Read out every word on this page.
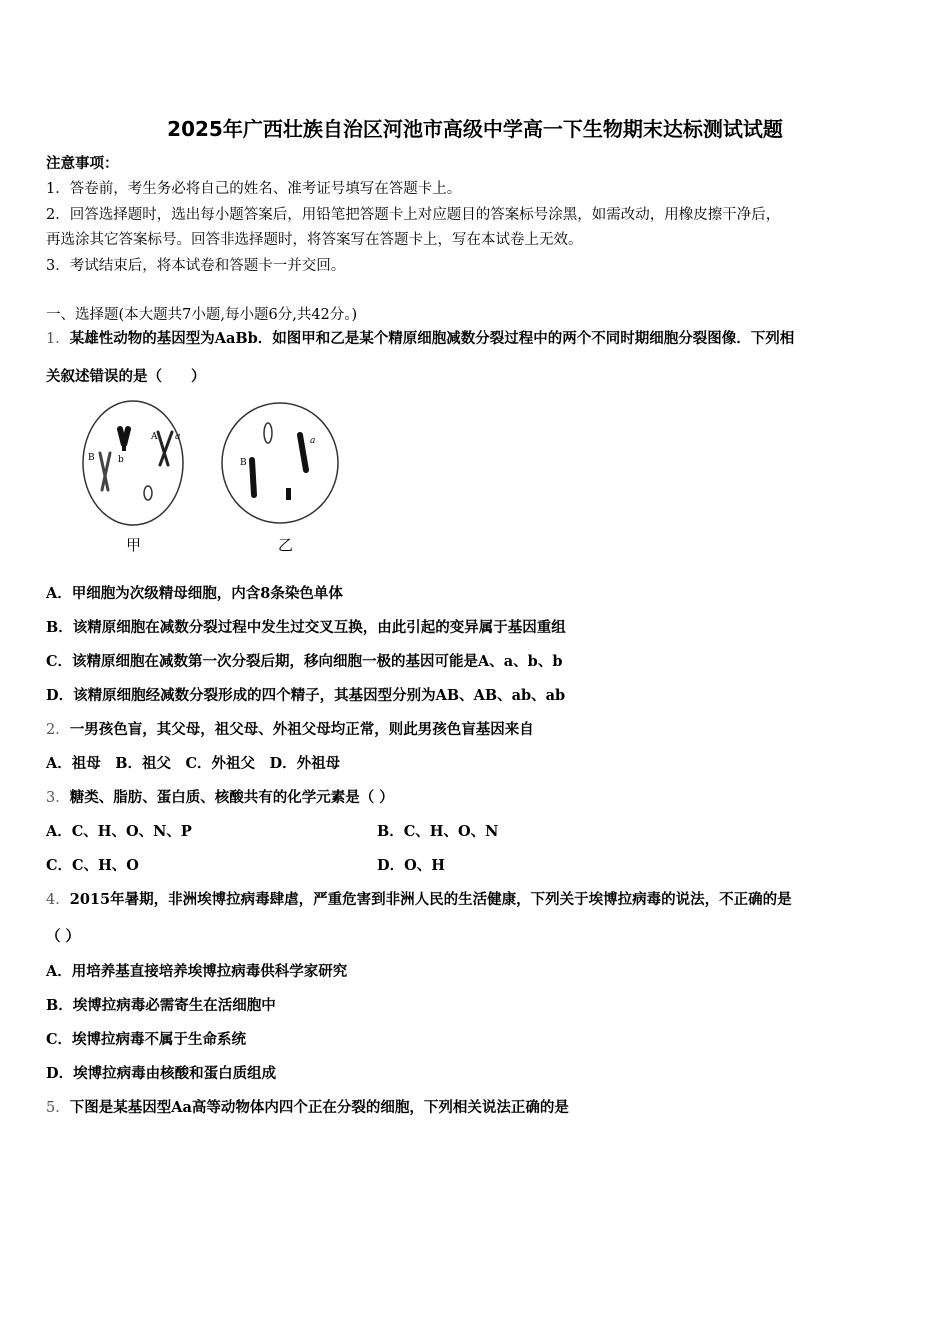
2025年广西壮族自治区河池市高级中学高一下生物期末达标测试试题
注意事项：
1．答卷前，考生务必将自己的姓名、准考证号填写在答题卡上。
2．回答选择题时，选出每小题答案后，用铅笔把答题卡上对应题目的答案标号涂黑，如需改动，用橡皮擦干净后，
再选涂其它答案标号。回答非选择题时，将答案写在答题卡上，写在本试卷上无效。
3．考试结束后，将本试卷和答题卡一并交回。
一、选择题(本大题共7小题,每小题6分,共42分。)
1．某雄性动物的基因型为AaBb．如图甲和乙是某个精原细胞减数分裂过程中的两个不同时期细胞分裂图像．下列相
关叙述错误的是（　　）
A a
B	b
甲
a
B
乙
A．甲细胞为次级精母细胞，内含8条染色单体
B．该精原细胞在减数分裂过程中发生过交叉互换，由此引起的变异属于基因重组
C．该精原细胞在减数第一次分裂后期，移向细胞一极的基因可能是A、a、b、b
D．该精原细胞经减数分裂形成的四个精子，其基因型分别为AB、AB、ab、ab
2．一男孩色盲，其父母，祖父母、外祖父母均正常，则此男孩色盲基因来自
A．祖母　B．祖父　C．外祖父　D．外祖母
3．糖类、脂肪、蛋白质、核酸共有的化学元素是（ ）
A．C、H、O、N、P	B．C、H、O、N
C．C、H、O	D．O、H
4．2015年暑期，非洲埃博拉病毒肆虐，严重危害到非洲人民的生活健康，下列关于埃博拉病毒的说法，不正确的是
（ ）
A．用培养基直接培养埃博拉病毒供科学家研究
B．埃博拉病毒必需寄生在活细胞中
C．埃博拉病毒不属于生命系统
D．埃博拉病毒由核酸和蛋白质组成
5．下图是某基因型Aa高等动物体内四个正在分裂的细胞，下列相关说法正确的是
